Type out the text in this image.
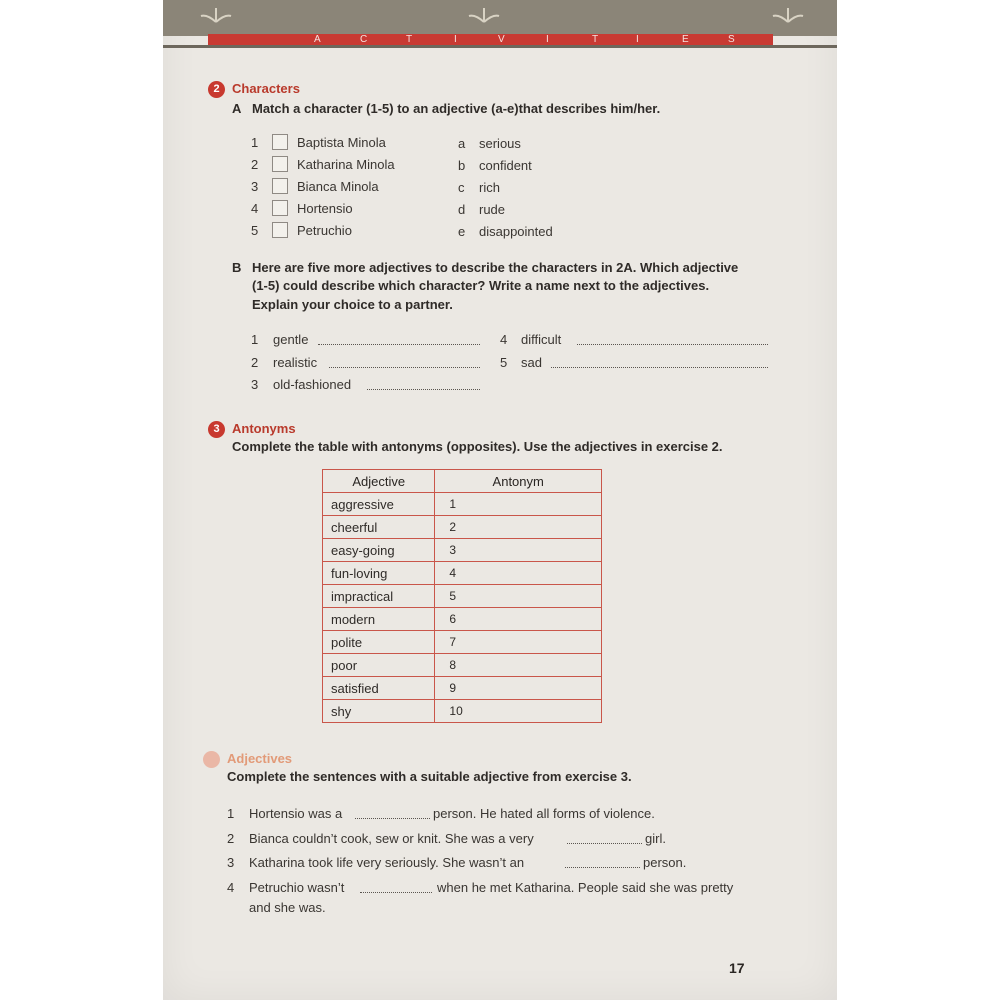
A	C	T	I	V	I	T	I	E	S
2 Characters
A Match a character (1-5) to an adjective (a-e)that describes him/her.
1	Baptista Minola
2	Katharina Minola
3	Bianca Minola
4	Hortensio
5	Petruchio
a serious
b confident
c rich
d rude
e disappointed
B Here are five more adjectives to describe the characters in 2A. Which adjective
(1-5) could describe which character? Write a name next to the adjectives.
Explain your choice to a partner.
1 gentle
2 realistic
3 old-fashioned
4 difficult
5 sad
3 Antonyms
Complete the table with antonyms (opposites). Use the adjectives in exercise 2.
Adjective	Antonym
aggressive	1
cheerful	2
easy-going	3
fun-loving	4
impractical	5
modern	6
polite	7
poor	8
satisfied	9
shy	10
Adjectives
Complete the sentences with a suitable adjective from exercise 3.
1 Hortensio was a	person. He hated all forms of violence.
2 Bianca couldn’t cook, sew or knit. She was a very	girl.
3 Katharina took life very seriously. She wasn’t an	person.
4 Petruchio wasn’t	when he met Katharina. People said she was pretty
and she was.
17
